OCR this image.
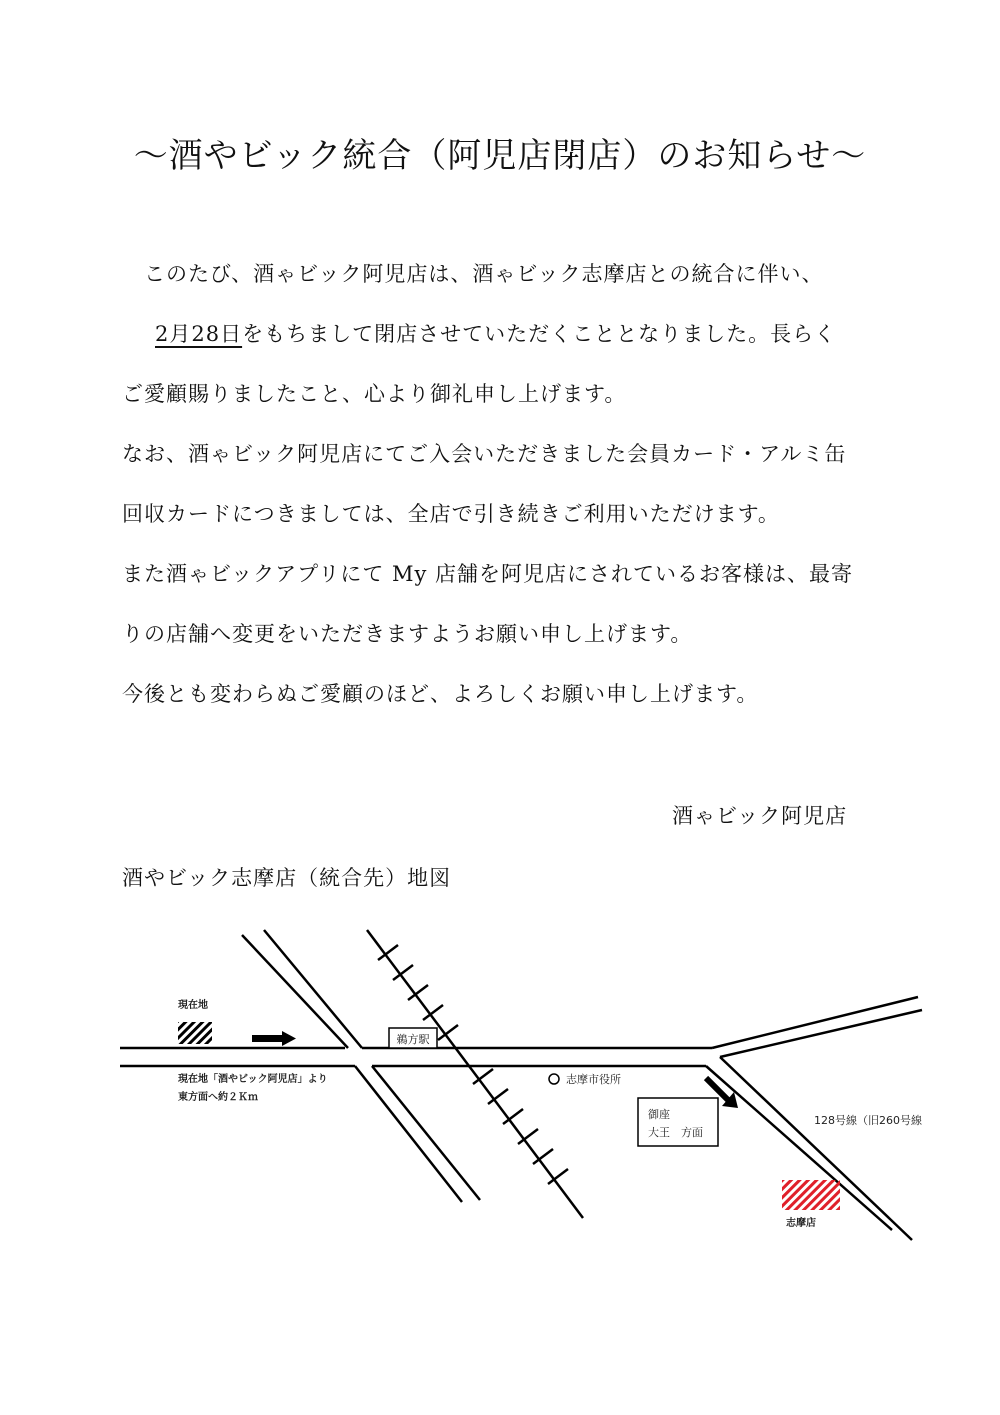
〜酒やビック統合（阿児店閉店）のお知らせ〜
このたび、酒ゃビック阿児店は、酒ゃビック志摩店との統合に伴い、
2月28日をもちまして閉店させていただくこととなりました。長らく
ご愛顧賜りましたこと、心より御礼申し上げます。
なお、酒ゃビック阿児店にてご入会いただきました会員カード・アルミ缶
回収カードにつきましては、全店で引き続きご利用いただけます。
また酒ゃビックアプリにて My 店舗を阿児店にされているお客様は、最寄
りの店舗へ変更をいただきますようお願い申し上げます。
今後とも変わらぬご愛顧のほど、よろしくお願い申し上げます。
酒ゃビック阿児店
酒やビック志摩店（統合先）地図
現在地
現在地「酒やビック阿児店」より
東方面へ約２Ｋｍ
鵜方駅
志摩市役所
御座
大王　方面
128号線（旧260号線
志摩店
